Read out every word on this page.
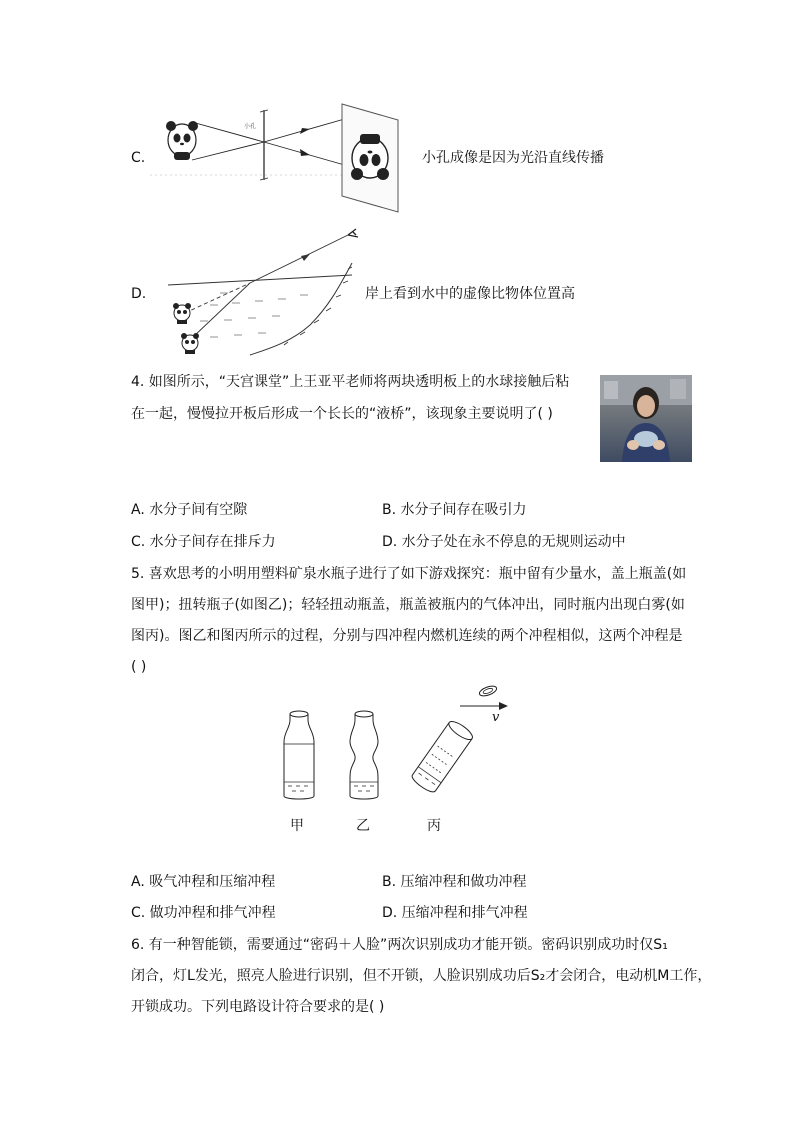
C.
小孔
小孔成像是因为光沿直线传播
D.	岸上看到水中的虚像比物体位置高
4. 如图所示，“天宫课堂”上王亚平老师将两块透明板上的水球接触后粘
在一起，慢慢拉开板后形成一个长长的“液桥”，该现象主要说明了( )
A. 水分子间有空隙	B. 水分子间存在吸引力
C. 水分子间存在排斥力	D. 水分子处在永不停息的无规则运动中
5. 喜欢思考的小明用塑料矿泉水瓶子进行了如下游戏探究：瓶中留有少量水，盖上瓶盖(如
图甲)；扭转瓶子(如图乙)；轻轻扭动瓶盖，瓶盖被瓶内的气体冲出，同时瓶内出现白雾(如
图丙)。图乙和图丙所示的过程，分别与四冲程内燃机连续的两个冲程相似，这两个冲程是
( )
v
甲	乙	丙
A. 吸气冲程和压缩冲程	B. 压缩冲程和做功冲程
C. 做功冲程和排气冲程	D. 压缩冲程和排气冲程
6. 有一种智能锁，需要通过“密码＋人脸”两次识别成功才能开锁。密码识别成功时仅S₁
闭合，灯L发光，照亮人脸进行识别，但不开锁，人脸识别成功后S₂才会闭合，电动机M工作，
开锁成功。下列电路设计符合要求的是( )
